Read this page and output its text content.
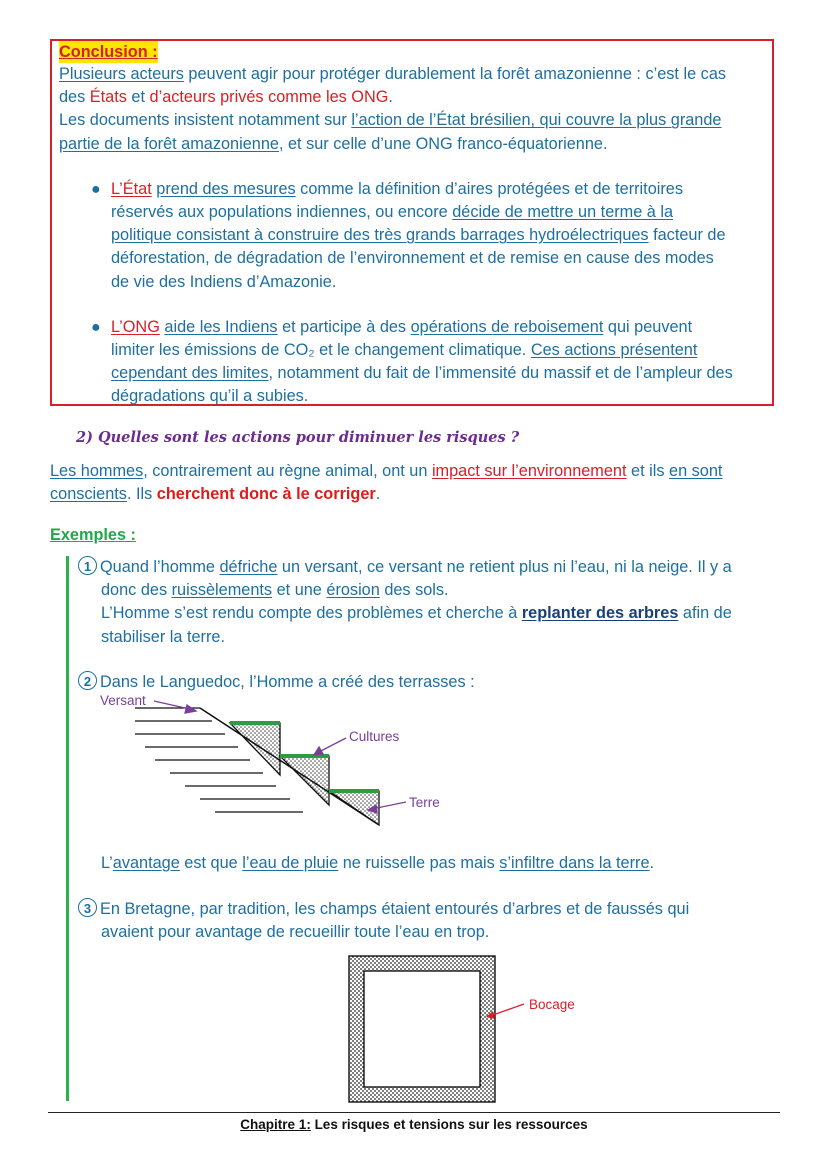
Conclusion :
Plusieurs acteurs peuvent agir pour protéger durablement la forêt amazonienne : c’est le cas
des États et d’acteurs privés comme les ONG.
Les documents insistent notamment sur l’action de l’État brésilien, qui couvre la plus grande
partie de la forêt amazonienne, et sur celle d’une ONG franco-équatorienne.
● L’État prend des mesures comme la définition d’aires protégées et de territoires
réservés aux populations indiennes, ou encore décide de mettre un terme à la
politique consistant à construire des très grands barrages hydroélectriques facteur de
déforestation, de dégradation de l’environnement et de remise en cause des modes
de vie des Indiens d’Amazonie.
● L’ONG aide les Indiens et participe à des opérations de reboisement qui peuvent
limiter les émissions de CO₂ et le changement climatique. Ces actions présentent
cependant des limites, notamment du fait de l’immensité du massif et de l’ampleur des
dégradations qu’il a subies.
2) Quelles sont les actions pour diminuer les risques ?
Les hommes, contrairement au règne animal, ont un impact sur l’environnement et ils en sont
conscients. Ils cherchent donc à le corriger.
Exemples :
1 Quand l’homme défriche un versant, ce versant ne retient plus ni l’eau, ni la neige. Il y a
donc des ruissèlements et une érosion des sols.
L’Homme s’est rendu compte des problèmes et cherche à replanter des arbres afin de
stabiliser la terre.
2 Dans le Languedoc, l’Homme a créé des terrasses :
Versant
Cultures
Terre
L’avantage est que l’eau de pluie ne ruisselle pas mais s’infiltre dans la terre.
3 En Bretagne, par tradition, les champs étaient entourés d’arbres et de faussés qui
avaient pour avantage de recueillir toute l’eau en trop.
Bocage
Chapitre 1: Les risques et tensions sur les ressources
